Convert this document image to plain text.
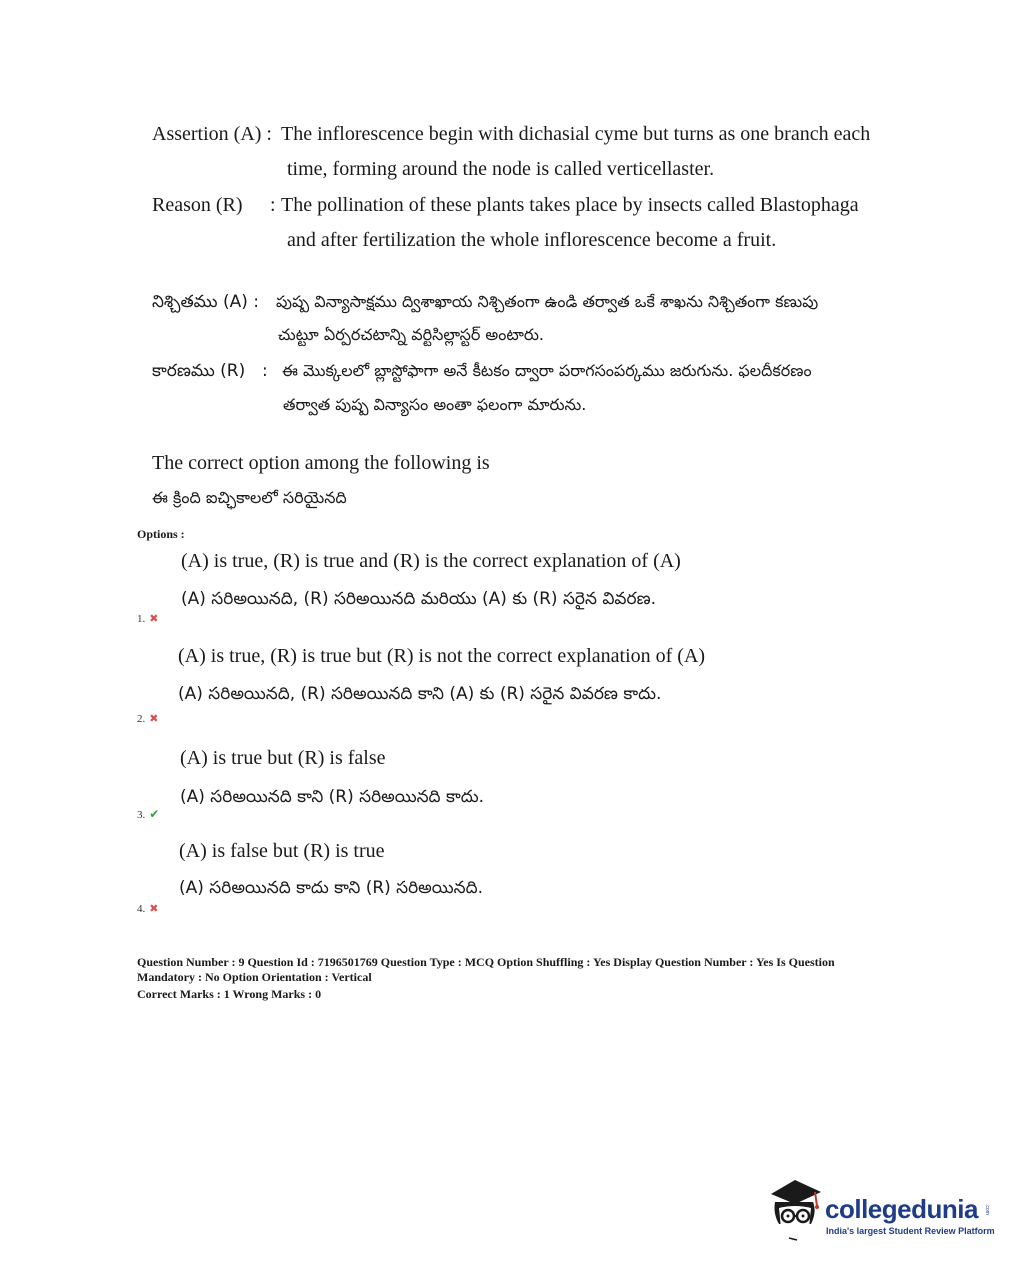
Assertion (A) : The inflorescence begin with dichasial cyme but turns as one branch each
time, forming around the node is called verticellaster.
Reason (R) : The pollination of these plants takes place by insects called Blastophaga
and after fertilization the whole inflorescence become a fruit.
నిశ్చితము (A) : పుష్ప విన్యాసాక్షము ద్విశాఖాయ నిశ్చితంగా ఉండి తర్వాత ఒకే శాఖను నిశ్చితంగా కణుపు
చుట్టూ ఏర్పరచటాన్ని వర్టిసిల్లాస్టర్ అంటారు.
కారణము (R) : ఈ మొక్కలలో బ్లాస్టోఫాగా అనే కీటకం ద్వారా పరాగసంపర్కము జరుగును. ఫలదీకరణం
తర్వాత పుష్ప విన్యాసం అంతా ఫలంగా మారును.
The correct option among the following is
ఈ క్రింది ఐచ్ఛికాలలో సరియైనది
Options :
(A) is true, (R) is true and (R) is the correct explanation of (A)
(A) సరిఅయినది, (R) సరిఅయినది మరియు (A) కు (R) సరైన వివరణ.
1. ✖
(A) is true, (R) is true but (R) is not the correct explanation of (A)
(A) సరిఅయినది, (R) సరిఅయినది కాని (A) కు (R) సరైన వివరణ కాదు.
2. ✖
(A) is true but (R) is false
(A) సరిఅయినది కాని (R) సరిఅయినది కాదు.
3. ✔
(A) is false but (R) is true
(A) సరిఅయినది కాదు కాని (R) సరిఅయినది.
4. ✖
Question Number : 9 Question Id : 7196501769 Question Type : MCQ Option Shuffling : Yes Display Question Number : Yes Is Question
Mandatory : No Option Orientation : Vertical
Correct Marks : 1 Wrong Marks : 0
collegedunia .com
India's largest Student Review Platform
